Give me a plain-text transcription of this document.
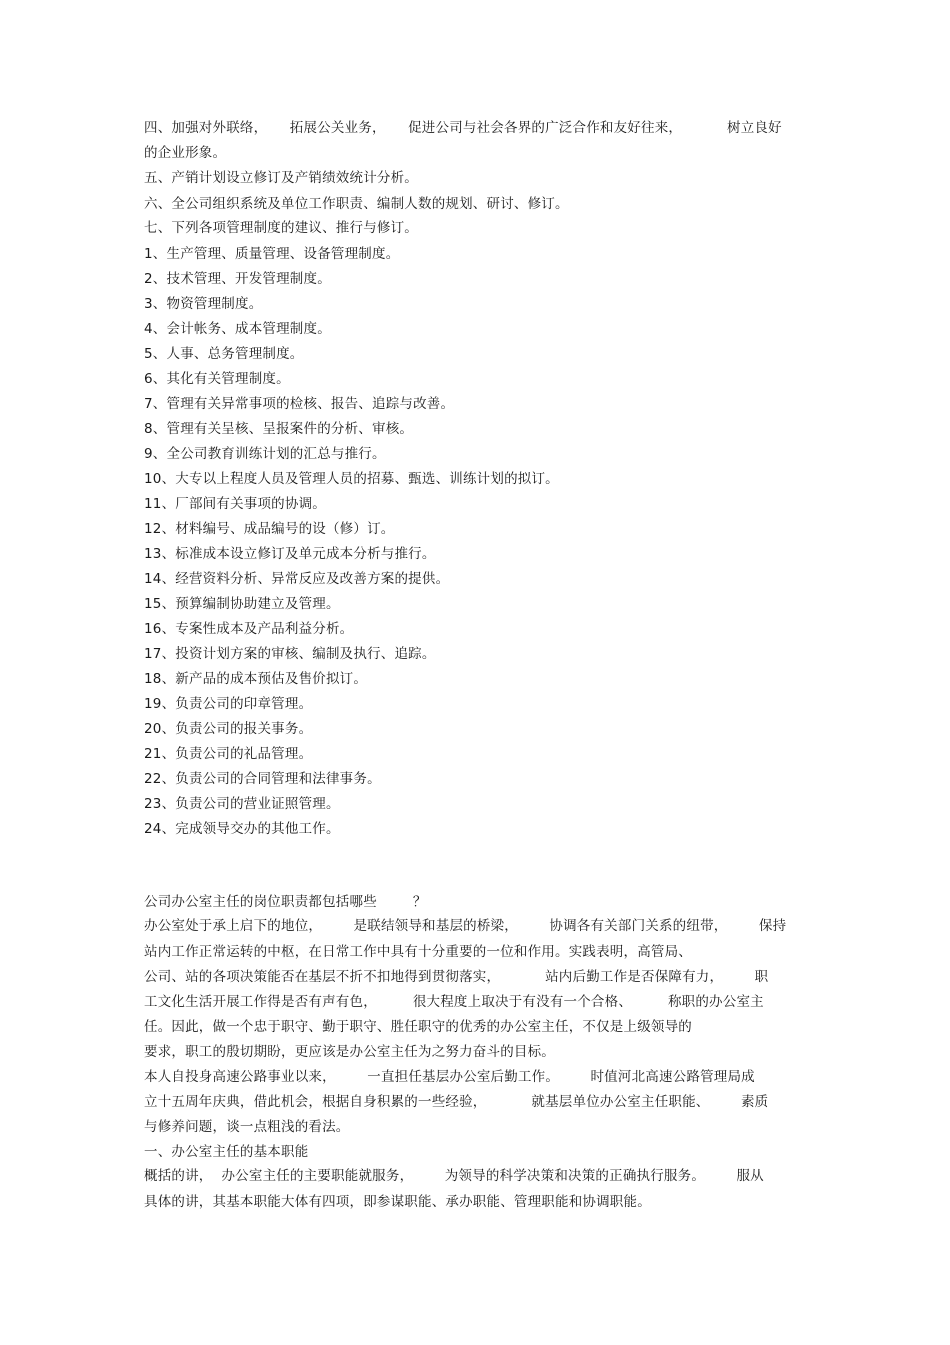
四、加强对外联络，     拓展公关业务，     促进公司与社会各界的广泛合作和友好往来，          树立良好
的企业形象。
五、产销计划设立修订及产销绩效统计分析。
六、全公司组织系统及单位工作职责、编制人数的规划、研讨、修订。
七、下列各项管理制度的建议、推行与修订。
1、生产管理、质量管理、设备管理制度。
2、技术管理、开发管理制度。
3、物资管理制度。
4、会计帐务、成本管理制度。
5、人事、总务管理制度。
6、其化有关管理制度。
7、管理有关异常事项的检核、报告、追踪与改善。
8、管理有关呈核、呈报案件的分析、审核。
9、全公司教育训练计划的汇总与推行。
10、大专以上程度人员及管理人员的招募、甄选、训练计划的拟订。
11、厂部间有关事项的协调。
12、材料编号、成品编号的设（修）订。
13、标准成本设立修订及单元成本分析与推行。
14、经营资料分析、异常反应及改善方案的提供。
15、预算编制协助建立及管理。
16、专案性成本及产品利益分析。
17、投资计划方案的审核、编制及执行、追踪。
18、新产品的成本预估及售价拟订。
19、负责公司的印章管理。
20、负责公司的报关事务。
21、负责公司的礼品管理。
22、负责公司的合同管理和法律事务。
23、负责公司的营业证照管理。
24、完成领导交办的其他工作。
公司办公室主任的岗位职责都包括哪些        ？
办公室处于承上启下的地位，       是联结领导和基层的桥梁，       协调各有关部门关系的纽带，       保持
站内工作正常运转的中枢，在日常工作中具有十分重要的一位和作用。实践表明，高管局、
公司、站的各项决策能否在基层不折不扣地得到贯彻落实，          站内后勤工作是否保障有力，       职
工文化生活开展工作得是否有声有色，        很大程度上取决于有没有一个合格、        称职的办公室主
任。因此，做一个忠于职守、勤于职守、胜任职守的优秀的办公室主任，不仅是上级领导的
要求，职工的殷切期盼，更应该是办公室主任为之努力奋斗的目标。
本人自投身高速公路事业以来，       一直担任基层办公室后勤工作。       时值河北高速公路管理局成
立十五周年庆典，借此机会，根据自身积累的一些经验，          就基层单位办公室主任职能、       素质
与修养问题，谈一点粗浅的看法。
一、办公室主任的基本职能
概括的讲，  办公室主任的主要职能就服务，       为领导的科学决策和决策的正确执行服务。       服从
具体的讲，其基本职能大体有四项，即参谋职能、承办职能、管理职能和协调职能。
